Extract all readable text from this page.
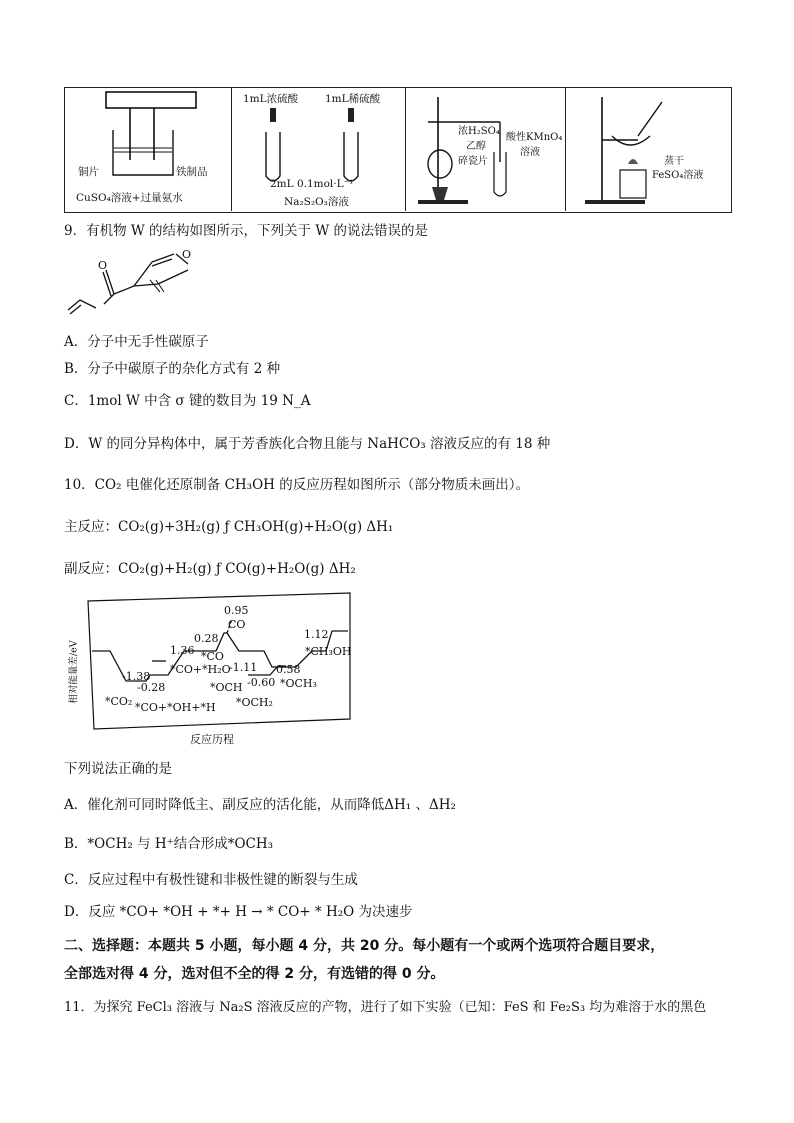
铜片	铁制品
CuSO₄溶液+过量氨水
1mL浓硫酸	1mL稀硫酸
2mL 0.1mol·L⁻¹
Na₂S₂O₃溶液
浓H₂SO₄
乙醇
碎瓷片
酸性KMnO₄
溶液
蒸干
FeSO₄溶液
9．有机物 W 的结构如图所示，下列关于 W 的说法错误的是
O
O
A．分子中无手性碳原子
B．分子中碳原子的杂化方式有 2 种
C．1mol W 中含 σ 键的数目为 19 N_A
D．W 的同分异构体中，属于芳香族化合物且能与 NaHCO₃ 溶液反应的有 18 种
10．CO₂ 电催化还原制备 CH₃OH 的反应历程如图所示（部分物质未画出）。
主反应：CO₂(g)+3H₂(g) ƒ CH₃OH(g)+H₂O(g) ΔH₁
副反应：CO₂(g)+H₂(g) ƒ CO(g)+H₂O(g) ΔH₂
相对能量差/eV	-1.38
-0.28
1.36
0.28
0.95
-1.11
-0.60
0.58
1.12
*CO₂ *CO+*OH+*H
*CO+*H₂O
*CO
CO
*OCH
*OCH₂
*OCH₃
*CH₃OH
反应历程
下列说法正确的是
A．催化剂可同时降低主、副反应的活化能，从而降低ΔH₁ 、ΔH₂
B．*OCH₂ 与 H⁺结合形成*OCH₃
C．反应过程中有极性键和非极性键的断裂与生成
D．反应 *CO+ *OH + *+ H → * CO+ * H₂O 为决速步
二、选择题：本题共 5 小题，每小题 4 分，共 20 分。每小题有一个或两个选项符合题目要求，
全部选对得 4 分，选对但不全的得 2 分，有选错的得 0 分。
11．为探究 FeCl₃ 溶液与 Na₂S 溶液反应的产物，进行了如下实验（已知：FeS 和 Fe₂S₃ 均为难溶于水的黑色
